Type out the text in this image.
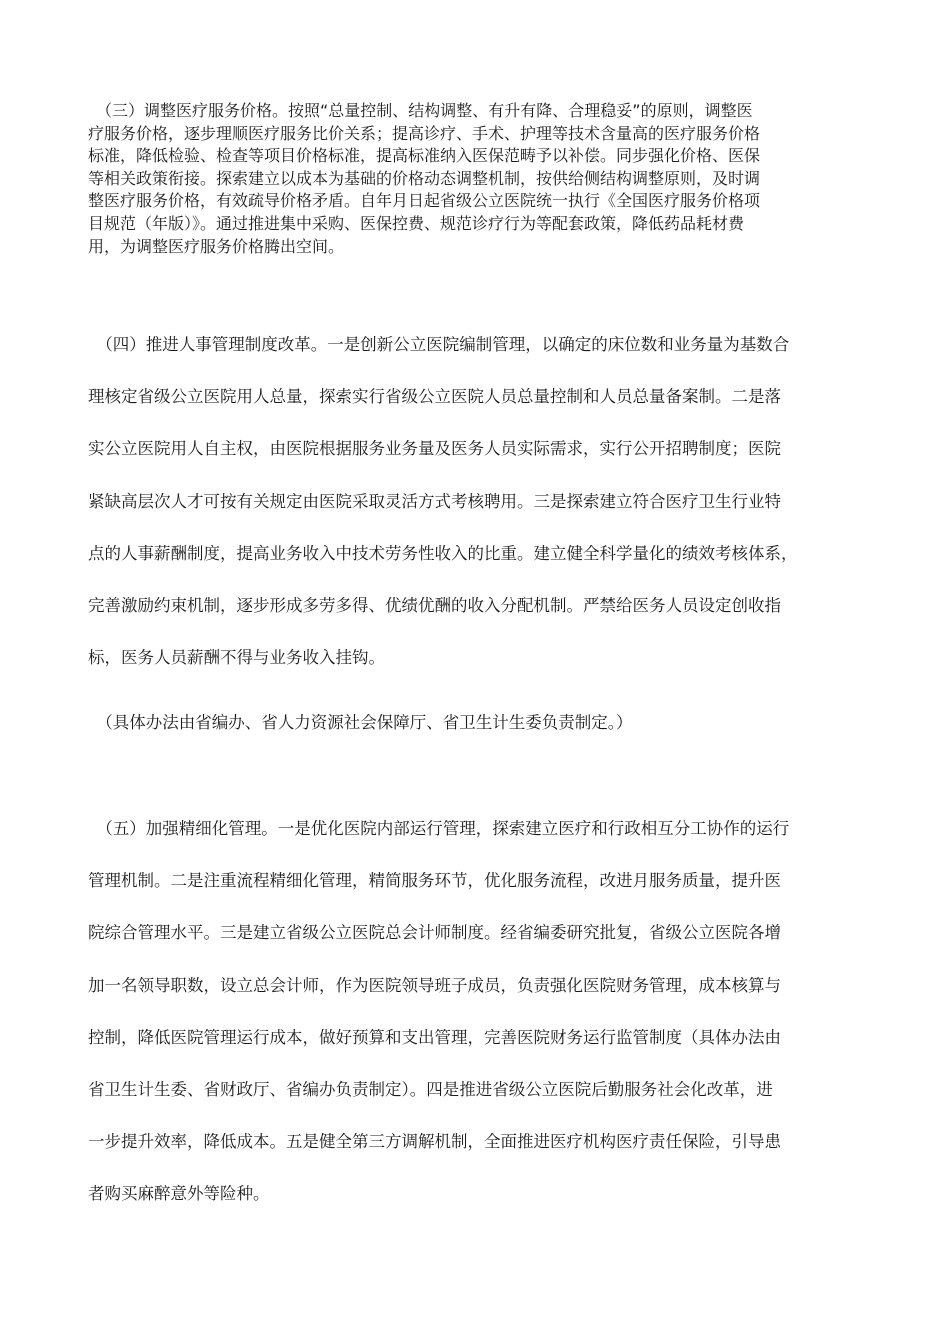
　（三）调整医疗服务价格。按照“总量控制、结构调整、有升有降、合理稳妥”的原则，调整医
疗服务价格，逐步理顺医疗服务比价关系；提高诊疗、手术、护理等技术含量高的医疗服务价格
标准，降低检验、检查等项目价格标准，提高标准纳入医保范畴予以补偿。同步强化价格、医保
等相关政策衔接。探索建立以成本为基础的价格动态调整机制，按供给侧结构调整原则，及时调
整医疗服务价格，有效疏导价格矛盾。自年月日起省级公立医院统一执行《全国医疗服务价格项
目规范（年版）》。通过推进集中采购、医保控费、规范诊疗行为等配套政策，降低药品耗材费
用，为调整医疗服务价格腾出空间。
　（四）推进人事管理制度改革。一是创新公立医院编制管理，以确定的床位数和业务量为基数合
理核定省级公立医院用人总量，探索实行省级公立医院人员总量控制和人员总量备案制。二是落
实公立医院用人自主权，由医院根据服务业务量及医务人员实际需求，实行公开招聘制度；医院
紧缺高层次人才可按有关规定由医院采取灵活方式考核聘用。三是探索建立符合医疗卫生行业特
点的人事薪酬制度，提高业务收入中技术劳务性收入的比重。建立健全科学量化的绩效考核体系，
完善激励约束机制，逐步形成多劳多得、优绩优酬的收入分配机制。严禁给医务人员设定创收指
标，医务人员薪酬不得与业务收入挂钩。
　（具体办法由省编办、省人力资源社会保障厅、省卫生计生委负责制定。）
　（五）加强精细化管理。一是优化医院内部运行管理，探索建立医疗和行政相互分工协作的运行
管理机制。二是注重流程精细化管理，精简服务环节，优化服务流程，改进月服务质量，提升医
院综合管理水平。三是建立省级公立医院总会计师制度。经省编委研究批复，省级公立医院各增
加一名领导职数，设立总会计师，作为医院领导班子成员，负责强化医院财务管理，成本核算与
控制，降低医院管理运行成本，做好预算和支出管理，完善医院财务运行监管制度（具体办法由
省卫生计生委、省财政厅、省编办负责制定）。四是推进省级公立医院后勤服务社会化改革，进
一步提升效率，降低成本。五是健全第三方调解机制，全面推进医疗机构医疗责任保险，引导患
者购买麻醉意外等险种。
